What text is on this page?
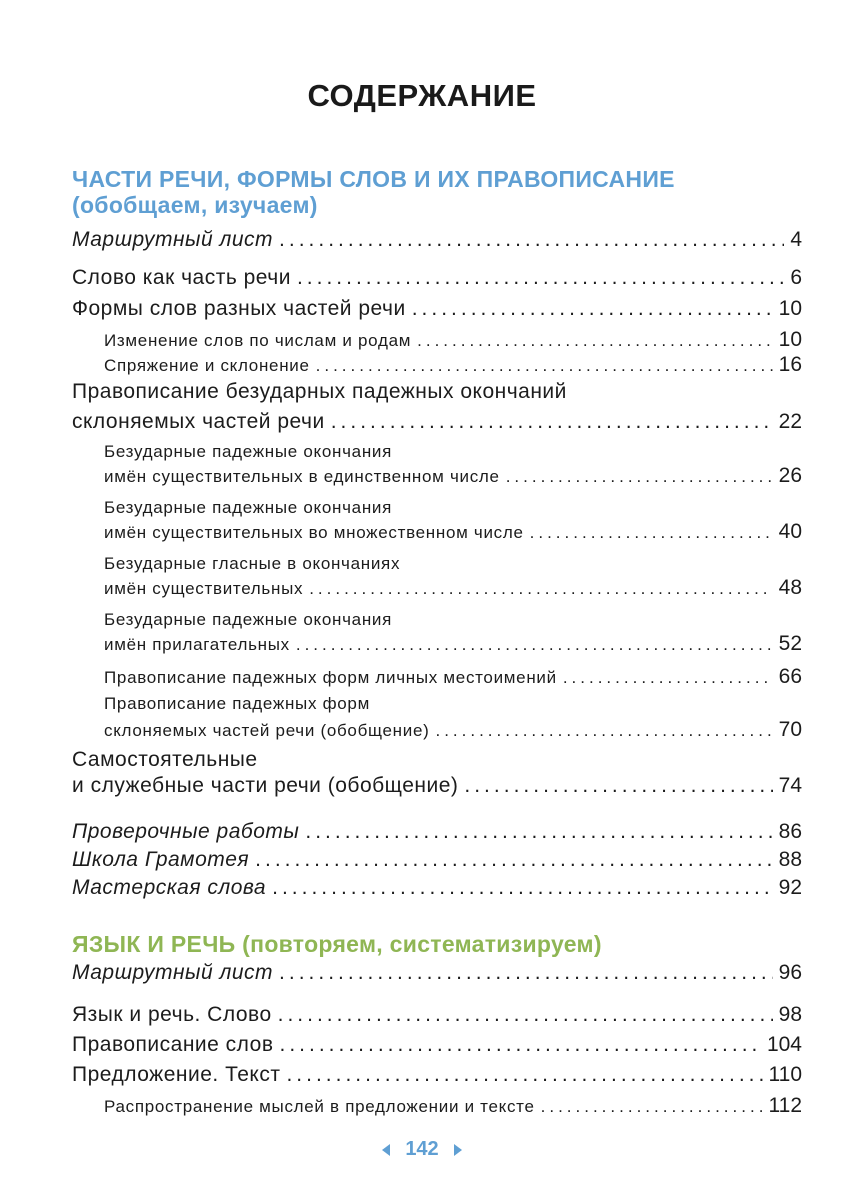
СОДЕРЖАНИЕ
ЧАСТИ РЕЧИ, ФОРМЫ СЛОВ И ИХ ПРАВОПИСАНИЕ
(обобщаем, изучаем)
Маршрутный лист .....	4
Слово как часть речи .....	6
Формы слов разных частей речи .....	10
Изменение слов по числам и родам .....	10
Спряжение и склонение .....	16
Правописание безударных падежных окончаний
склоняемых частей речи .....	22
Безударные падежные окончания
имён существительных в единственном числе .....	26
Безударные падежные окончания
имён существительных во множественном числе .....	40
Безударные гласные в окончаниях
имён существительных .....	48
Безударные падежные окончания
имён прилагательных .....	52
Правописание падежных форм личных местоимений .....	66
Правописание падежных форм
склоняемых частей речи (обобщение) .....	70
Самостоятельные
и служебные части речи (обобщение) .....	74
Проверочные работы .....	86
Школа Грамотея .....	88
Мастерская слова .....	92
ЯЗЫК И РЕЧЬ (повторяем, систематизируем)
Маршрутный лист .....	96
Язык и речь. Слово .....	98
Правописание слов .....	104
Предложение. Текст .....	110
Распространение мыслей в предложении и тексте .....	112
142
